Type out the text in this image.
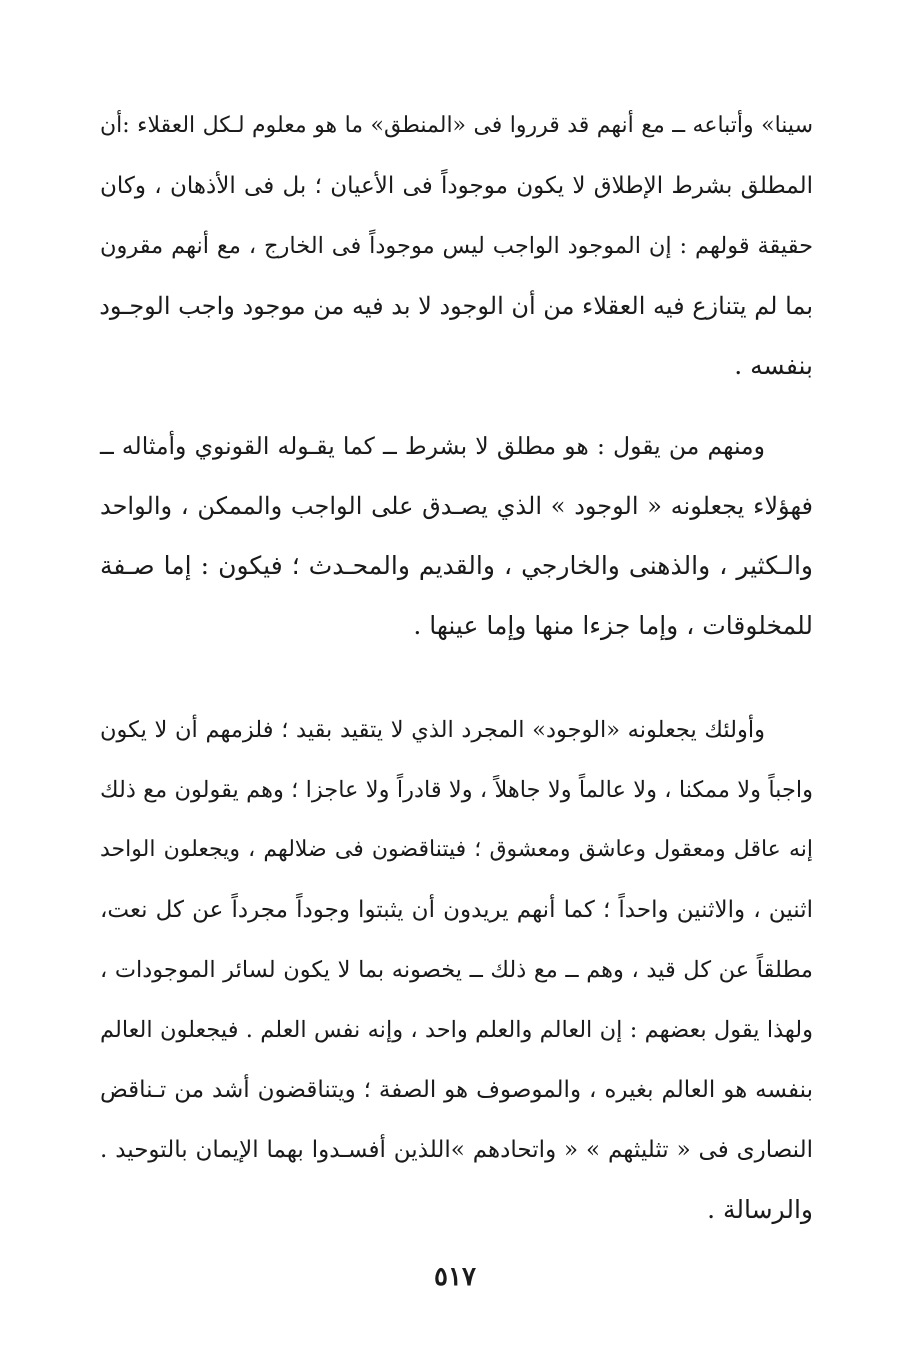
سينا» وأتباعه ــ مع أنهم قد قرروا فى «المنطق» ما هو معلوم لـكل العقلاء :أن
المطلق بشرط الإطلاق لا يكون موجوداً فى الأعيان ؛ بل فى الأذهان ، وكان
حقيقة قولهم : إن الموجود الواجب ليس موجوداً فى الخارج ، مع أنهم مقرون
بما لم يتنازع فيه العقلاء من أن الوجود لا بد فيه من موجود واجب الوجـود
بنفسه .
ومنهم من يقول : هو مطلق لا بشرط ــ كما يقـوله القونوي وأمثاله ــ
فهؤلاء يجعلونه « الوجود » الذي يصـدق على الواجب والممكن ، والواحد
والـكثير ، والذهنى والخارجي ، والقديم والمحـدث ؛ فيكون : إما صـفة
للمخلوقات ، وإما جزءا منها وإما عينها .
وأولئك يجعلونه «الوجود» المجرد الذي لا يتقيد بقيد ؛ فلزمهم أن لا يكون
واجباً ولا ممكنا ، ولا عالماً ولا جاهلاً ، ولا قادراً ولا عاجزا ؛ وهم يقولون مع ذلك
إنه عاقل ومعقول وعاشق ومعشوق ؛ فيتناقضون فى ضلالهم ، ويجعلون الواحد
اثنين ، والاثنين واحداً ؛ كما أنهم يريدون أن يثبتوا وجوداً مجرداً عن كل نعت،
مطلقاً عن كل قيد ، وهم ــ مع ذلك ــ يخصونه بما لا يكون لسائر الموجودات ،
ولهذا يقول بعضهم : إن العالم والعلم واحد ، وإنه نفس العلم . فيجعلون العالم
بنفسه هو العالم بغيره ، والموصوف هو الصفة ؛ ويتناقضون أشد من تـناقض
النصارى فى « تثليثهم » « واتحادهم »اللذين أفسـدوا بهما الإيمان بالتوحيد .
والرسالة .
٥١٧
